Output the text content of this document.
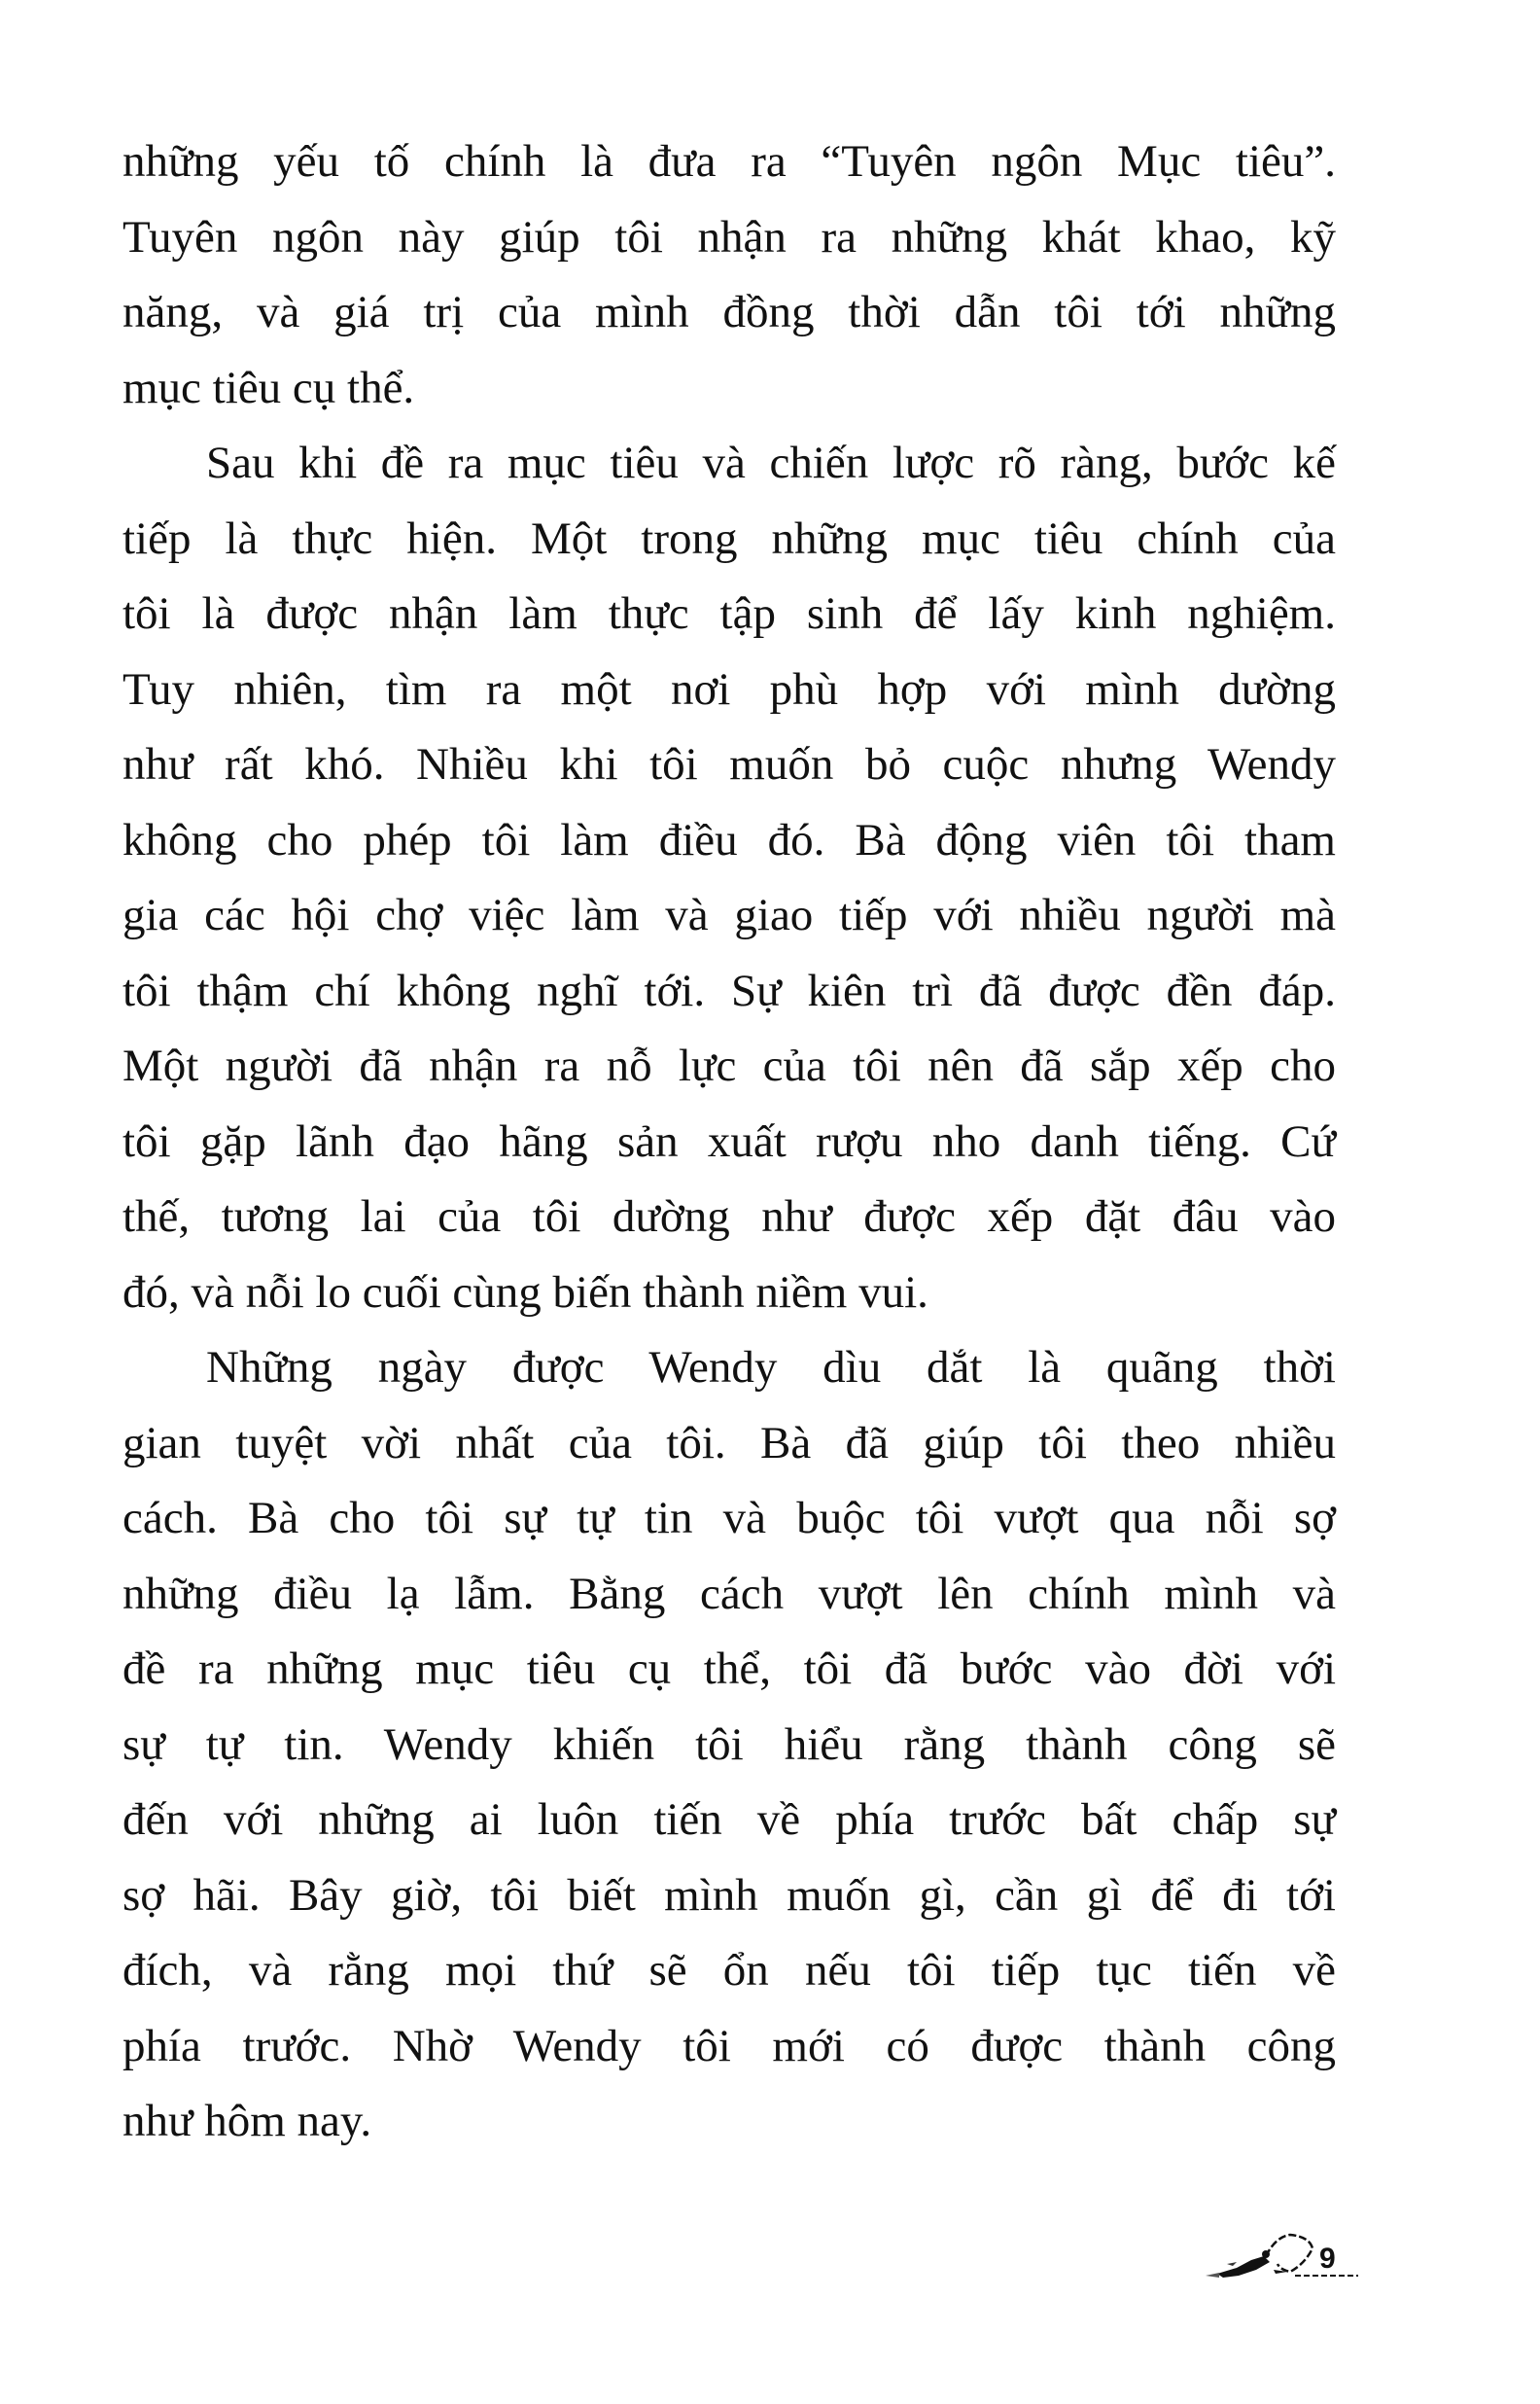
những yếu tố chính là đưa ra “Tuyên ngôn Mục tiêu”.
Tuyên ngôn này giúp tôi nhận ra những khát khao, kỹ
năng, và giá trị của mình đồng thời dẫn tôi tới những
mục tiêu cụ thể.
Sau khi đề ra mục tiêu và chiến lược rõ ràng, bước kế
tiếp là thực hiện. Một trong những mục tiêu chính của
tôi là được nhận làm thực tập sinh để lấy kinh nghiệm.
Tuy nhiên, tìm ra một nơi phù hợp với mình dường
như rất khó. Nhiều khi tôi muốn bỏ cuộc nhưng Wendy
không cho phép tôi làm điều đó. Bà động viên tôi tham
gia các hội chợ việc làm và giao tiếp với nhiều người mà
tôi thậm chí không nghĩ tới. Sự kiên trì đã được đền đáp.
Một người đã nhận ra nỗ lực của tôi nên đã sắp xếp cho
tôi gặp lãnh đạo hãng sản xuất rượu nho danh tiếng. Cứ
thế, tương lai của tôi dường như được xếp đặt đâu vào
đó, và nỗi lo cuối cùng biến thành niềm vui.
Những ngày được Wendy dìu dắt là quãng thời
gian tuyệt vời nhất của tôi. Bà đã giúp tôi theo nhiều
cách. Bà cho tôi sự tự tin và buộc tôi vượt qua nỗi sợ
những điều lạ lẫm. Bằng cách vượt lên chính mình và
đề ra những mục tiêu cụ thể, tôi đã bước vào đời với
sự tự tin. Wendy khiến tôi hiểu rằng thành công sẽ
đến với những ai luôn tiến về phía trước bất chấp sự
sợ hãi. Bây giờ, tôi biết mình muốn gì, cần gì để đi tới
đích, và rằng mọi thứ sẽ ổn nếu tôi tiếp tục tiến về
phía trước. Nhờ Wendy tôi mới có được thành công
như hôm nay.
9
